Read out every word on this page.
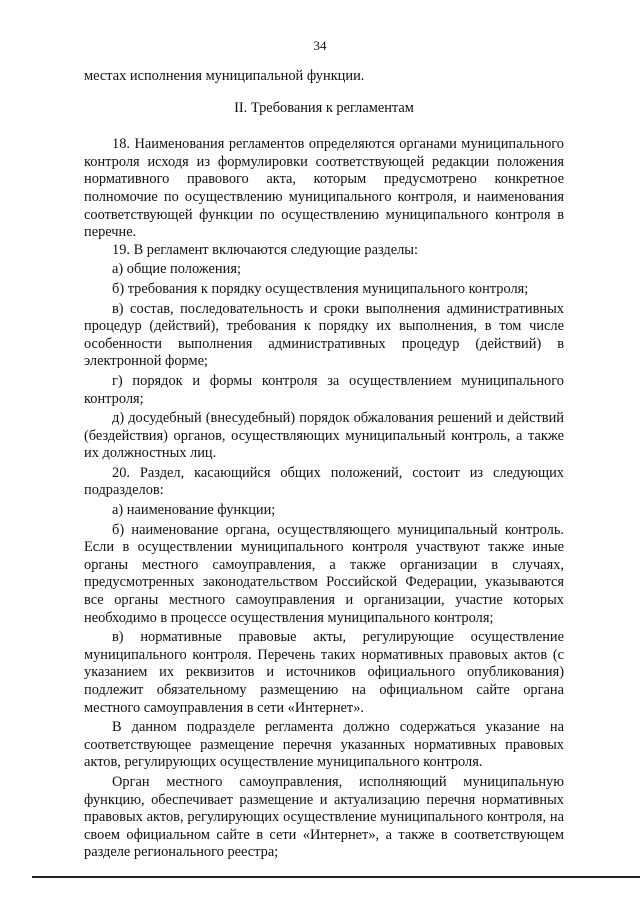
34

местах исполнения муниципальной функции.

II. Требования к регламентам

18. Наименования регламентов определяются органами муниципального контроля исходя из формулировки соответствующей редакции положения нормативного правового акта, которым предусмотрено конкретное полномочие по осуществлению муниципального контроля, и наименования соответствующей функции по осуществлению муниципального контроля в перечне.

19. В регламент включаются следующие разделы:

а) общие положения;

б) требования к порядку осуществления муниципального контроля;

в) состав, последовательность и сроки выполнения административных процедур (действий), требования к порядку их выполнения, в том числе особенности выполнения административных процедур (действий) в электронной форме;

г) порядок и формы контроля за осуществлением муниципального контроля;

д) досудебный (внесудебный) порядок обжалования решений и действий (бездействия) органов, осуществляющих муниципальный контроль, а также их должностных лиц.

20. Раздел, касающийся общих положений, состоит из следующих подразделов:

а) наименование функции;

б) наименование органа, осуществляющего муниципальный контроль. Если в осуществлении муниципального контроля участвуют также иные органы местного самоуправления, а также организации в случаях, предусмотренных законодательством Российской Федерации, указываются все органы местного самоуправления и организации, участие которых необходимо в процессе осуществления муниципального контроля;

в) нормативные правовые акты, регулирующие осуществление муниципального контроля. Перечень таких нормативных правовых актов (с указанием их реквизитов и источников официального опубликования) подлежит обязательному размещению на официальном сайте органа местного самоуправления в сети «Интернет».

В данном подразделе регламента должно содержаться указание на соответствующее размещение перечня указанных нормативных правовых актов, регулирующих осуществление муниципального контроля.

Орган местного самоуправления, исполняющий муниципальную функцию, обеспечивает размещение и актуализацию перечня нормативных правовых актов, регулирующих осуществление муниципального контроля, на своем официальном сайте в сети «Интернет», а также в соответствующем разделе регионального реестра;
